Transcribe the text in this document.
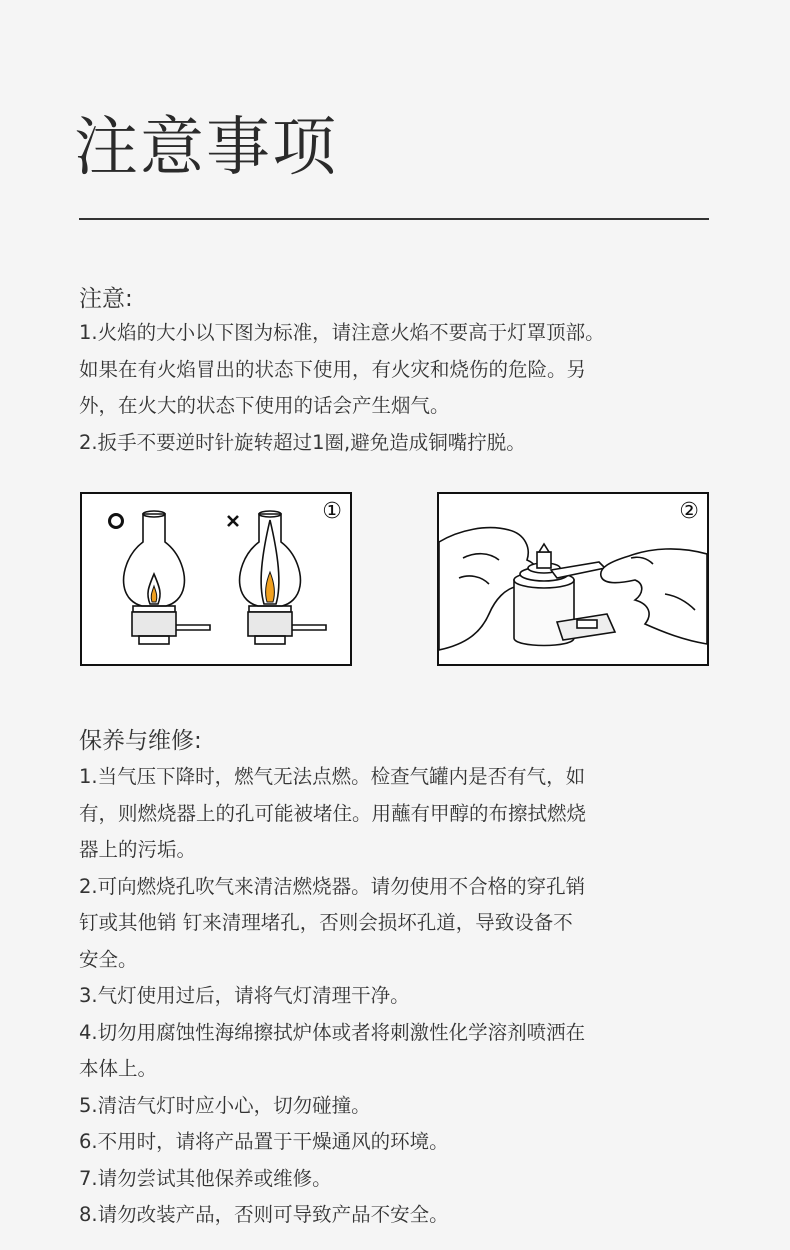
注意事项
注意:
1.火焰的大小以下图为标准，请注意火焰不要高于灯罩顶部。
如果在有火焰冒出的状态下使用，有火灾和烧伤的危险。另
外，在火大的状态下使用的话会产生烟气。
2.扳手不要逆时针旋转超过1圈,避免造成铜嘴拧脱。
①	②
保养与维修:
1.当气压下降时，燃气无法点燃。检查气罐内是否有气，如
有，则燃烧器上的孔可能被堵住。用蘸有甲醇的布擦拭燃烧
器上的污垢。
2.可向燃烧孔吹气来清洁燃烧器。请勿使用不合格的穿孔销
钉或其他销 钉来清理堵孔，否则会损坏孔道，导致设备不
安全。
3.气灯使用过后，请将气灯清理干净。
4.切勿用腐蚀性海绵擦拭炉体或者将刺激性化学溶剂喷洒在
本体上。
5.清洁气灯时应小心，切勿碰撞。
6.不用时，请将产品置于干燥通风的环境。
7.请勿尝试其他保养或维修。
8.请勿改装产品，否则可导致产品不安全。
